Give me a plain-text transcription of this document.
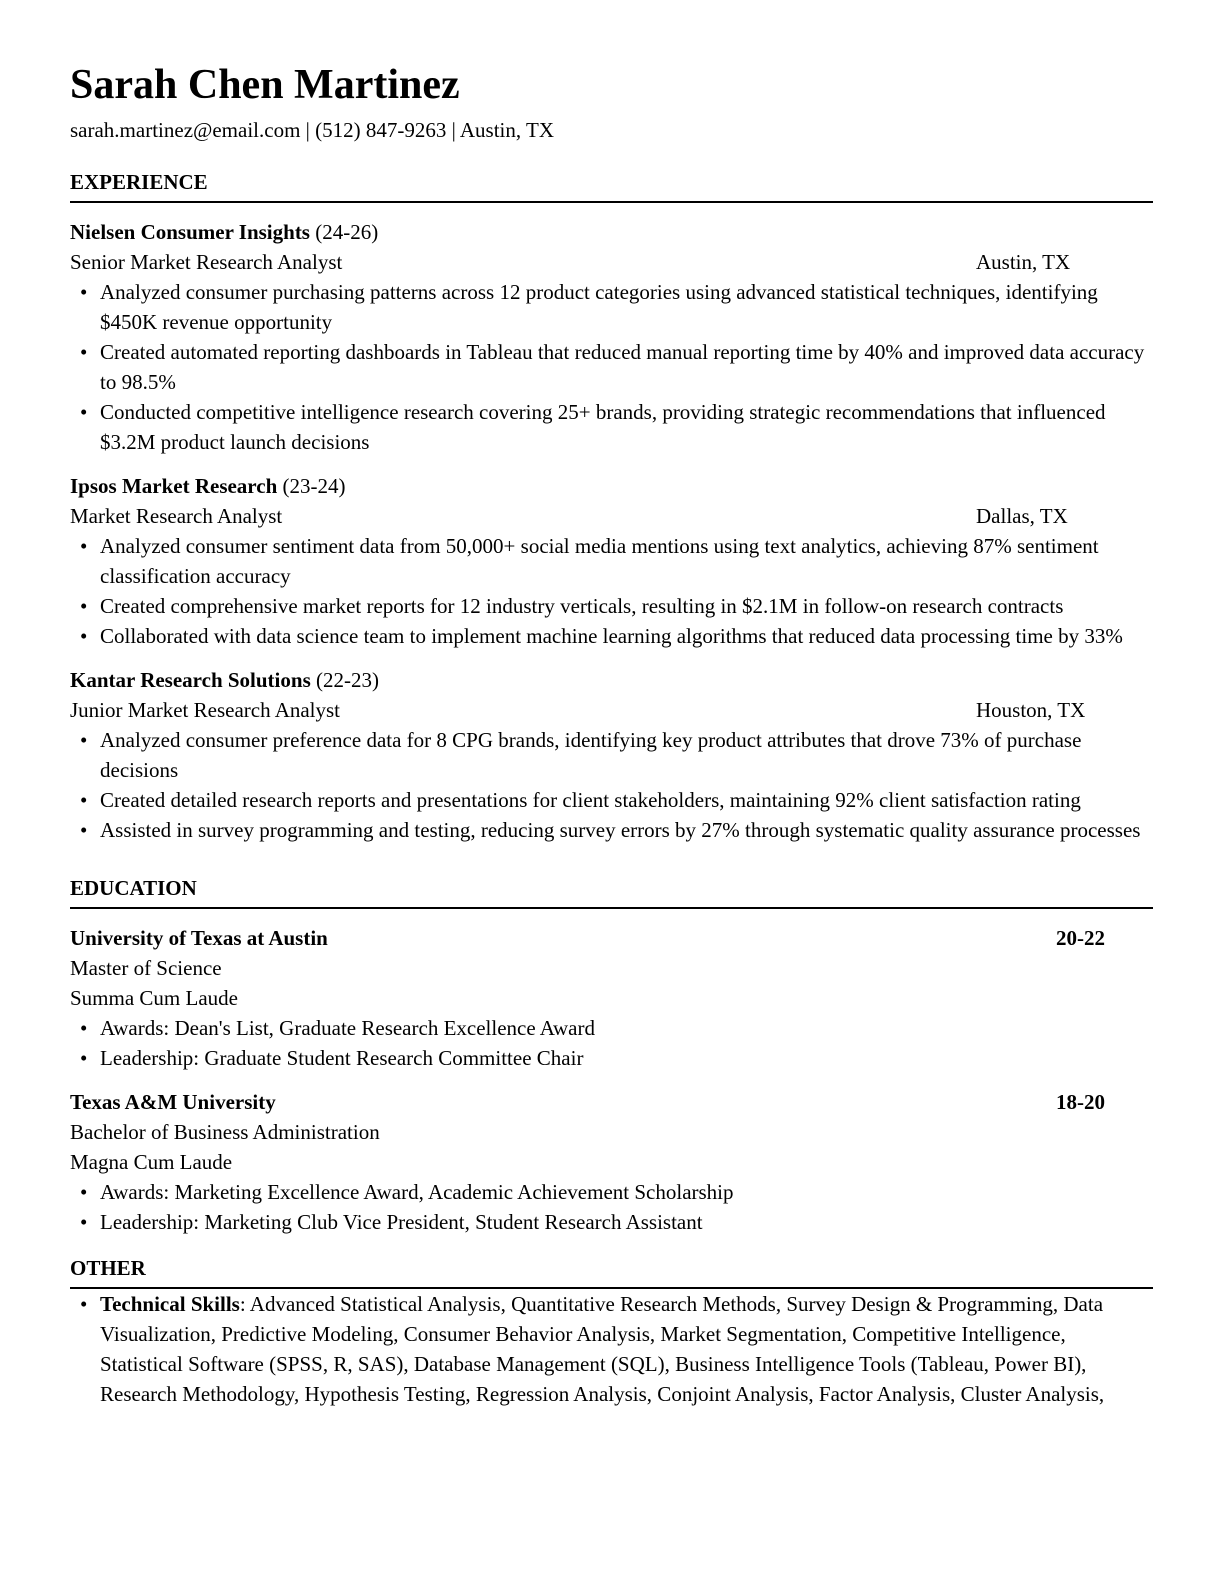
Sarah Chen Martinez
sarah.martinez@email.com | (512) 847-9263 | Austin, TX
EXPERIENCE
Nielsen Consumer Insights (24-26)
Senior Market Research Analyst	Austin, TX
• Analyzed consumer purchasing patterns across 12 product categories using advanced statistical techniques, identifying $450K revenue opportunity
• Created automated reporting dashboards in Tableau that reduced manual reporting time by 40% and improved data accuracy to 98.5%
• Conducted competitive intelligence research covering 25+ brands, providing strategic recommendations that influenced $3.2M product launch decisions
Ipsos Market Research (23-24)
Market Research Analyst	Dallas, TX
• Analyzed consumer sentiment data from 50,000+ social media mentions using text analytics, achieving 87% sentiment classification accuracy
• Created comprehensive market reports for 12 industry verticals, resulting in $2.1M in follow-on research contracts
• Collaborated with data science team to implement machine learning algorithms that reduced data processing time by 33%
Kantar Research Solutions (22-23)
Junior Market Research Analyst	Houston, TX
• Analyzed consumer preference data for 8 CPG brands, identifying key product attributes that drove 73% of purchase decisions
• Created detailed research reports and presentations for client stakeholders, maintaining 92% client satisfaction rating
• Assisted in survey programming and testing, reducing survey errors by 27% through systematic quality assurance processes
EDUCATION
University of Texas at Austin	20-22
Master of Science
Summa Cum Laude
• Awards: Dean's List, Graduate Research Excellence Award
• Leadership: Graduate Student Research Committee Chair
Texas A&M University	18-20
Bachelor of Business Administration
Magna Cum Laude
• Awards: Marketing Excellence Award, Academic Achievement Scholarship
• Leadership: Marketing Club Vice President, Student Research Assistant
OTHER
• Technical Skills: Advanced Statistical Analysis, Quantitative Research Methods, Survey Design & Programming, Data Visualization, Predictive Modeling, Consumer Behavior Analysis, Market Segmentation, Competitive Intelligence, Statistical Software (SPSS, R, SAS), Database Management (SQL), Business Intelligence Tools (Tableau, Power BI), Research Methodology, Hypothesis Testing, Regression Analysis, Conjoint Analysis, Factor Analysis, Cluster Analysis,
